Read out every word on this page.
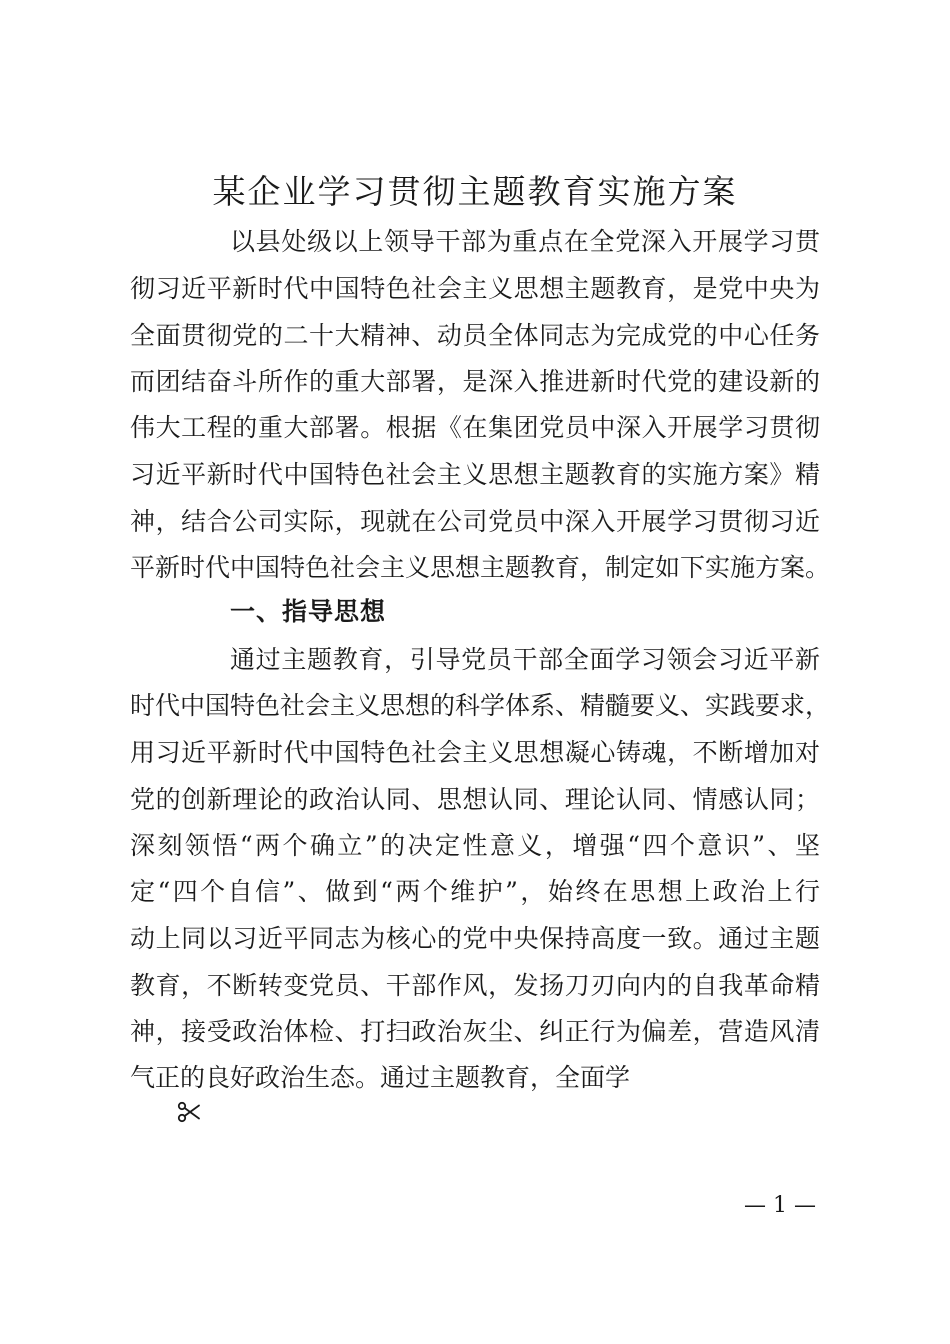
某企业学习贯彻主题教育实施方案

以县处级以上领导干部为重点在全党深入开展学习贯

彻习近平新时代中国特色社会主义思想主题教育，是党中央为

全面贯彻党的二十大精神、动员全体同志为完成党的中心任务

而团结奋斗所作的重大部署，是深入推进新时代党的建设新的

伟大工程的重大部署。根据《在集团党员中深入开展学习贯彻

习近平新时代中国特色社会主义思想主题教育的实施方案》精

神，结合公司实际，现就在公司党员中深入开展学习贯彻习近

平新时代中国特色社会主义思想主题教育，制定如下实施方案。

一、指导思想

通过主题教育，引导党员干部全面学习领会习近平新

时代中国特色社会主义思想的科学体系、精髓要义、实践要求，

用习近平新时代中国特色社会主义思想凝心铸魂，不断增加对

党的创新理论的政治认同、思想认同、理论认同、情感认同；

深刻领悟“两个确立”的决定性意义，增强“四个意识”、坚

定“四个自信”、做到“两个维护”，始终在思想上政治上行

动上同以习近平同志为核心的党中央保持高度一致。通过主题

教育，不断转变党员、干部作风，发扬刀刃向内的自我革命精

神，接受政治体检、打扫政治灰尘、纠正行为偏差，营造风清

气正的良好政治生态。通过主题教育，全面学

— 1 —
